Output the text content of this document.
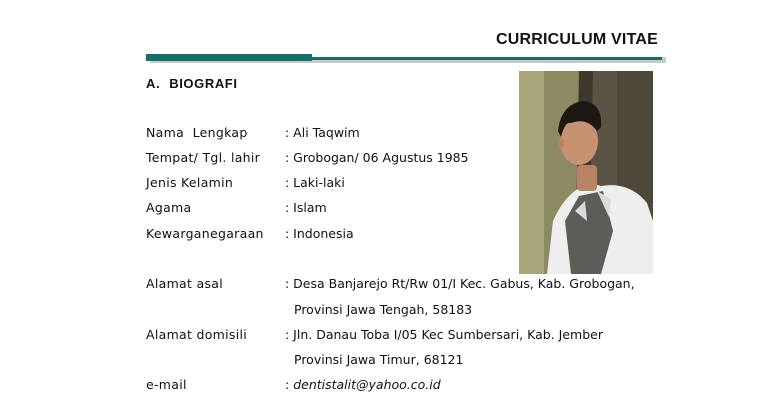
CURRICULUM VITAE
A. BIOGRAFI
Nama  Lengkap	: Ali Taqwim
Tempat/ Tgl. lahir : Grobogan/ 06 Agustus 1985
Jenis Kelamin	: Laki-laki
Agama	: Islam
Kewarganegaraan : Indonesia
Alamat asal	: Desa Banjarejo Rt/Rw 01/I Kec. Gabus, Kab. Grobogan,
Provinsi Jawa Tengah, 58183
Alamat domisili	: Jln. Danau Toba I/05 Kec Sumbersari, Kab. Jember
Provinsi Jawa Timur, 68121
e-mail	: dentistalit@yahoo.co.id
